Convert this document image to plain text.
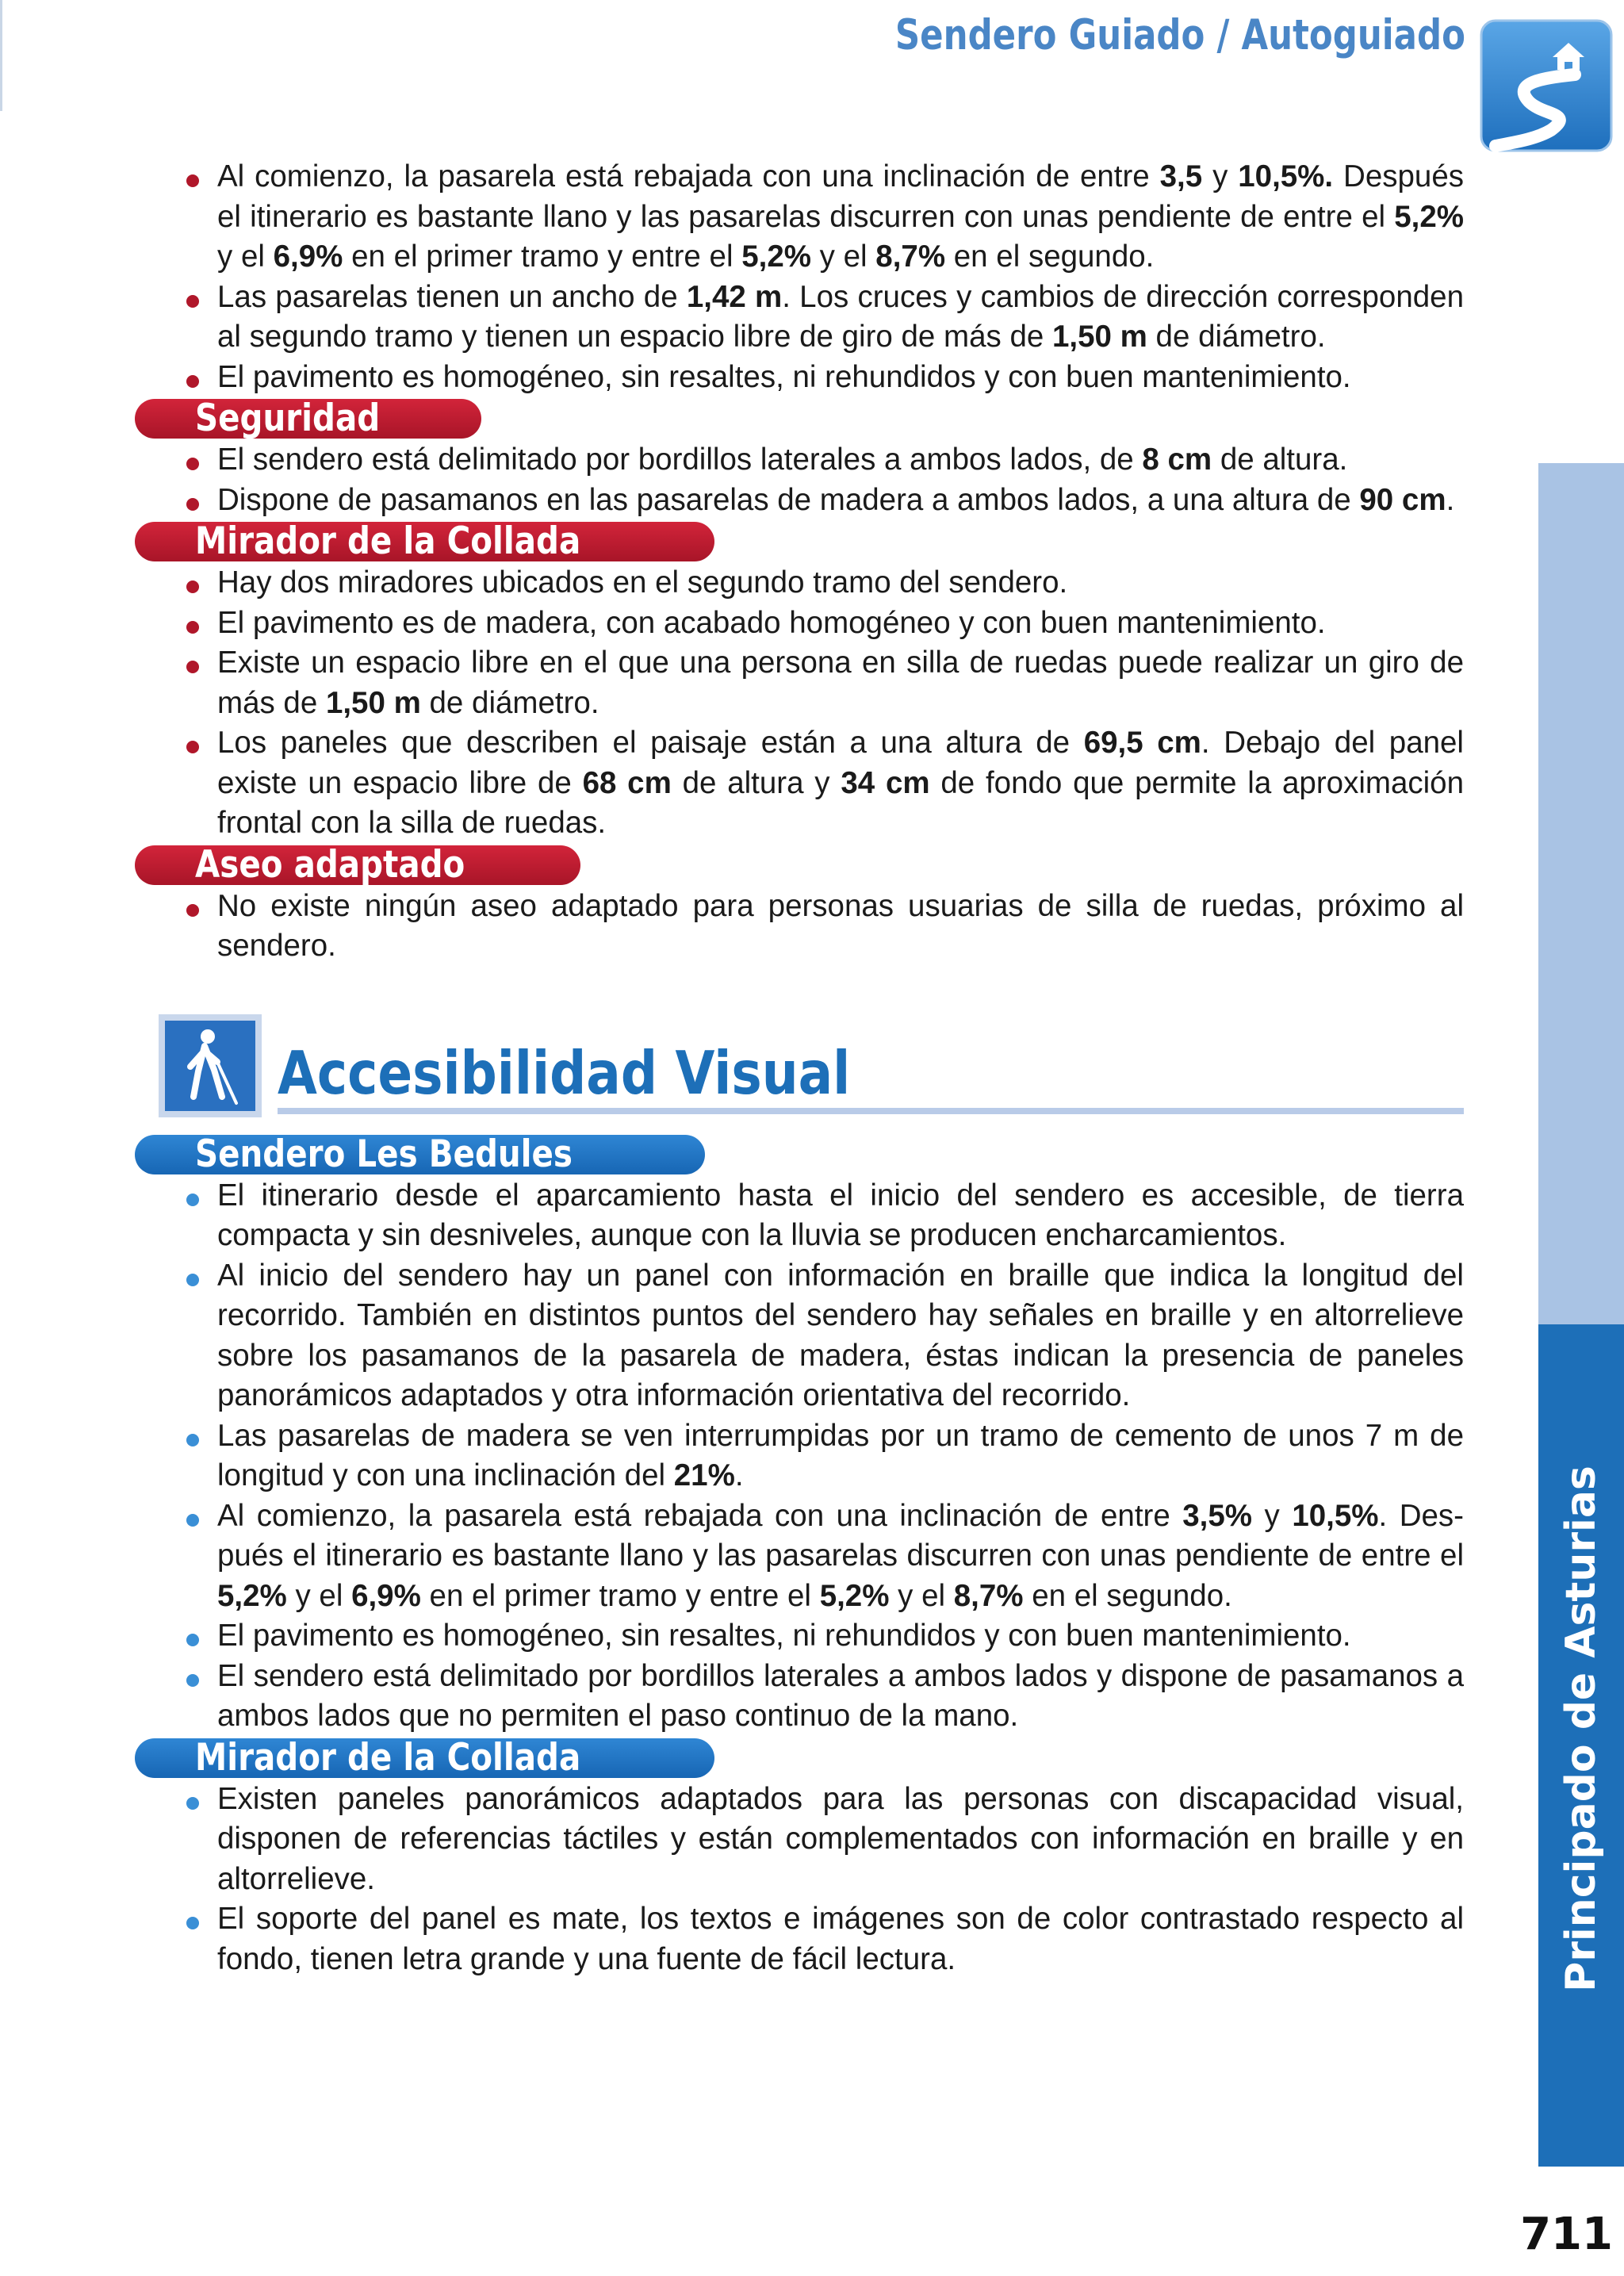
Sendero Guiado / Autoguiado
Principado de Asturias
Al comienzo, la pasarela está rebajada con una inclinación de entre 3,5 y 10,5%. Después el itinerario es bastante llano y las pasarelas discurren con unas pendiente de entre el 5,2% y el 6,9% en el primer tramo y entre el 5,2% y el 8,7% en el segundo.
Las pasarelas tienen un ancho de 1,42 m. Los cruces y cambios de dirección corresponden al segundo tramo y tienen un espacio libre de giro de más de 1,50 m de diámetro.
El pavimento es homogéneo, sin resaltes, ni rehundidos y con buen mantenimiento.
Seguridad
El sendero está delimitado por bordillos laterales a ambos lados, de 8 cm de altura.
Dispone de pasamanos en las pasarelas de madera a ambos lados, a una altura de 90 cm.
Mirador de la Collada
Hay dos miradores ubicados en el segundo tramo del sendero.
El pavimento es de madera, con acabado homogéneo y con buen mantenimiento.
Existe un espacio libre en el que una persona en silla de ruedas puede realizar un giro de más de 1,50 m de diámetro.
Los paneles que describen el paisaje están a una altura de 69,5 cm. Debajo del panel existe un espacio libre de 68 cm de altura y 34 cm de fondo que permite la aproximación frontal con la silla de ruedas.
Aseo adaptado
No existe ningún aseo adaptado para personas usuarias de silla de ruedas, próximo al sendero.
Accesibilidad Visual
Sendero Les Bedules
El itinerario desde el aparcamiento hasta el inicio del sendero es accesible, de tierra compacta y sin desniveles, aunque con la lluvia se producen encharcamientos.
Al inicio del sendero hay un panel con información en braille que indica la longitud del recorrido. También en distintos puntos del sendero hay señales en braille y en altorrelieve sobre los pasamanos de la pasarela de madera, éstas indican la presencia de paneles panorámicos adaptados y otra información orientativa del recorrido.
Las pasarelas de madera se ven interrumpidas por un tramo de cemento de unos 7 m de longitud y con una inclinación del 21%.
Al comienzo, la pasarela está rebajada con una inclinación de entre 3,5% y 10,5%. Después el itinerario es bastante llano y las pasarelas discurren con unas pendiente de entre el 5,2% y el 6,9% en el primer tramo y entre el 5,2% y el 8,7% en el segundo.
El pavimento es homogéneo, sin resaltes, ni rehundidos y con buen mantenimiento.
El sendero está delimitado por bordillos laterales a ambos lados y dispone de pasamanos a ambos lados que no permiten el paso continuo de la mano.
Mirador de la Collada
Existen paneles panorámicos adaptados para las personas con discapacidad visual, disponen de referencias táctiles y están complementados con información en braille y en altorrelieve.
El soporte del panel es mate, los textos e imágenes son de color contrastado respecto al fondo, tienen letra grande y una fuente de fácil lectura.
711
